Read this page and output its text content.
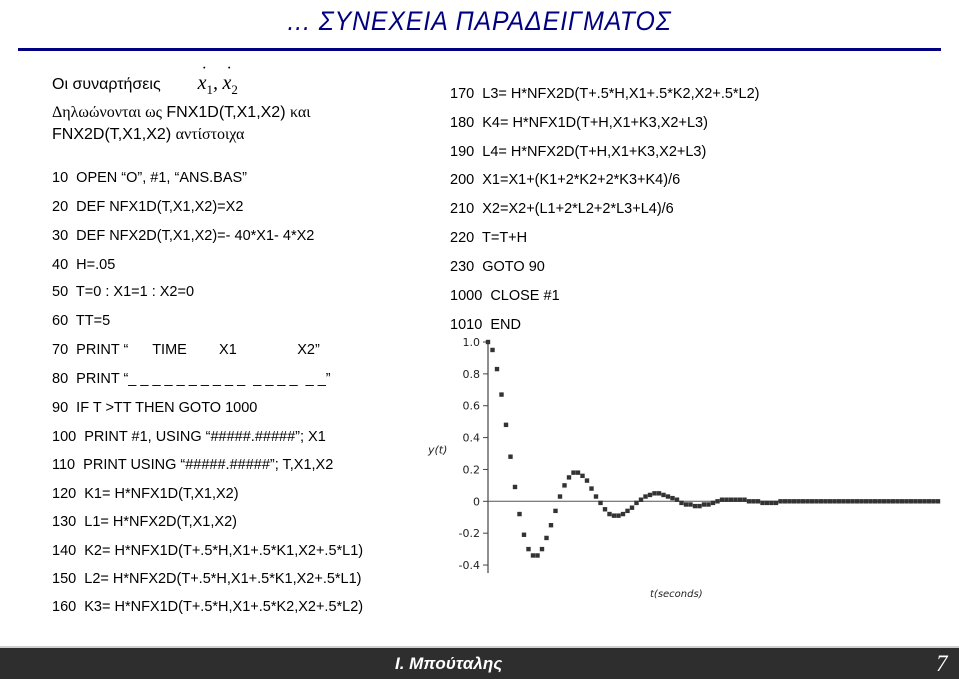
... ΣΥΝΕΧΕΙΑ ΠΑΡΑΔΕΙΓΜΑΤΟΣ
Οι συναρτήσεις
·
$x_1$,
·
$x_2$
Δηλωώνονται ως FNX1D(T,X1,X2) και
FNX2D(T,X1,X2) αντίστοιχα
10  OPEN “O”, #1, “ANS.BAS”
20  DEF NFX1D(T,X1,X2)=X2
30  DEF NFX2D(T,X1,X2)=- 40*X1- 4*X2
40  H=.05
50  T=0 : X1=1 : X2=0
60  TT=5
70  PRINT “      TIME        X1               X2”
80  PRINT “_ _ _ _ _ _ _ _ _ _  _ _ _ _  _ _”
90  IF T >TT THEN GOTO 1000
100  PRINT #1, USING “#####.#####”; X1
110  PRINT USING “#####.#####”; T,X1,X2
120  K1= H*NFX1D(T,X1,X2)
130  L1= H*NFX2D(T,X1,X2)
140  K2= H*NFX1D(T+.5*H,X1+.5*K1,X2+.5*L1)
150  L2= H*NFX2D(T+.5*H,X1+.5*K1,X2+.5*L1)
160  K3= H*NFX1D(T+.5*H,X1+.5*K2,X2+.5*L2)
170  L3= H*NFX2D(T+.5*H,X1+.5*K2,X2+.5*L2)
180  K4= H*NFX1D(T+H,X1+K3,X2+L3)
190  L4= H*NFX2D(T+H,X1+K3,X2+L3)
200  X1=X1+(K1+2*K2+2*K3+K4)/6
210  X2=X2+(L1+2*L2+2*L3+L4)/6
220  T=T+H
230  GOTO 90
1000  CLOSE #1
1010  END
1.0
0.8
0.6
0.4
0.2
0
-0.2
-0.4
y(t)
t(seconds)
Ι. Μπούταλης	7
